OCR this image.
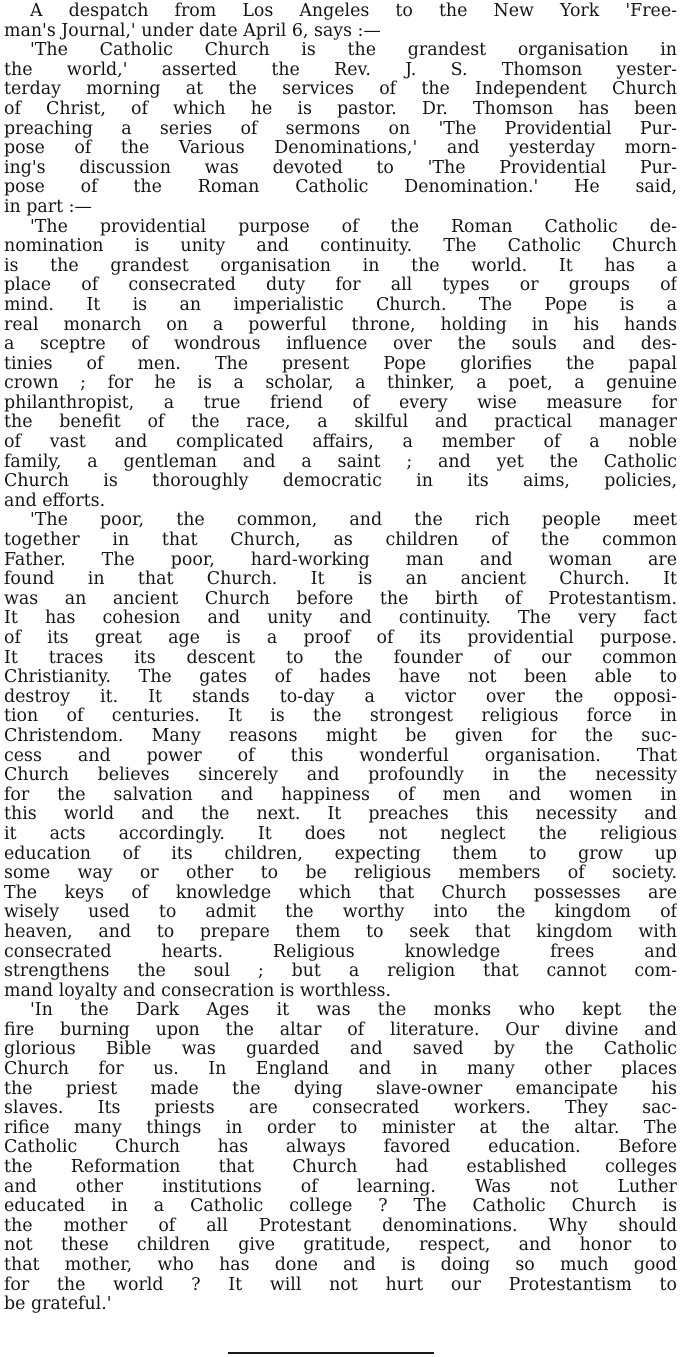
A despatch from Los Angeles to the New York 'Free-
man's Journal,' under date April 6, says :—
'The Catholic Church is the grandest organisation in
the world,' asserted the Rev. J. S. Thomson yester-
terday morning at the services of the Independent Church
of Christ, of which he is pastor. Dr. Thomson has been
preaching a series of sermons on 'The Providential Pur-
pose of the Various Denominations,' and yesterday morn-
ing's discussion was devoted to 'The Providential Pur-
pose of the Roman Catholic Denomination.' He said,
in part :—
'The providential purpose of the Roman Catholic de-
nomination is unity and continuity. The Catholic Church
is the grandest organisation in the world. It has a
place of consecrated duty for all types or groups of
mind. It is an imperialistic Church. The Pope is a
real monarch on a powerful throne, holding in his hands
a sceptre of wondrous influence over the souls and des-
tinies of men. The present Pope glorifies the papal
crown ; for he is a scholar, a thinker, a poet, a genuine
philanthropist, a true friend of every wise measure for
the benefit of the race, a skilful and practical manager
of vast and complicated affairs, a member of a noble
family, a gentleman and a saint ; and yet the Catholic
Church is thoroughly democratic in its aims, policies,
and efforts.
'The poor, the common, and the rich people meet
together in that Church, as children of the common
Father. The poor, hard-working man and woman are
found in that Church. It is an ancient Church. It
was an ancient Church before the birth of Protestantism.
It has cohesion and unity and continuity. The very fact
of its great age is a proof of its providential purpose.
It traces its descent to the founder of our common
Christianity. The gates of hades have not been able to
destroy it. It stands to-day a victor over the opposi-
tion of centuries. It is the strongest religious force in
Christendom. Many reasons might be given for the suc-
cess and power of this wonderful organisation. That
Church believes sincerely and profoundly in the necessity
for the salvation and happiness of men and women in
this world and the next. It preaches this necessity and
it acts accordingly. It does not neglect the religious
education of its children, expecting them to grow up
some way or other to be religious members of society.
The keys of knowledge which that Church possesses are
wisely used to admit the worthy into the kingdom of
heaven, and to prepare them to seek that kingdom with
consecrated hearts. Religious knowledge frees and
strengthens the soul ; but a religion that cannot com-
mand loyalty and consecration is worthless.
'In the Dark Ages it was the monks who kept the
fire burning upon the altar of literature. Our divine and
glorious Bible was guarded and saved by the Catholic
Church for us. In England and in many other places
the priest made the dying slave-owner emancipate his
slaves. Its priests are consecrated workers. They sac-
rifice many things in order to minister at the altar. The
Catholic Church has always favored education. Before
the Reformation that Church had established colleges
and other institutions of learning. Was not Luther
educated in a Catholic college ? The Catholic Church is
the mother of all Protestant denominations. Why should
not these children give gratitude, respect, and honor to
that mother, who has done and is doing so much good
for the world ? It will not hurt our Protestantism to
be grateful.'
